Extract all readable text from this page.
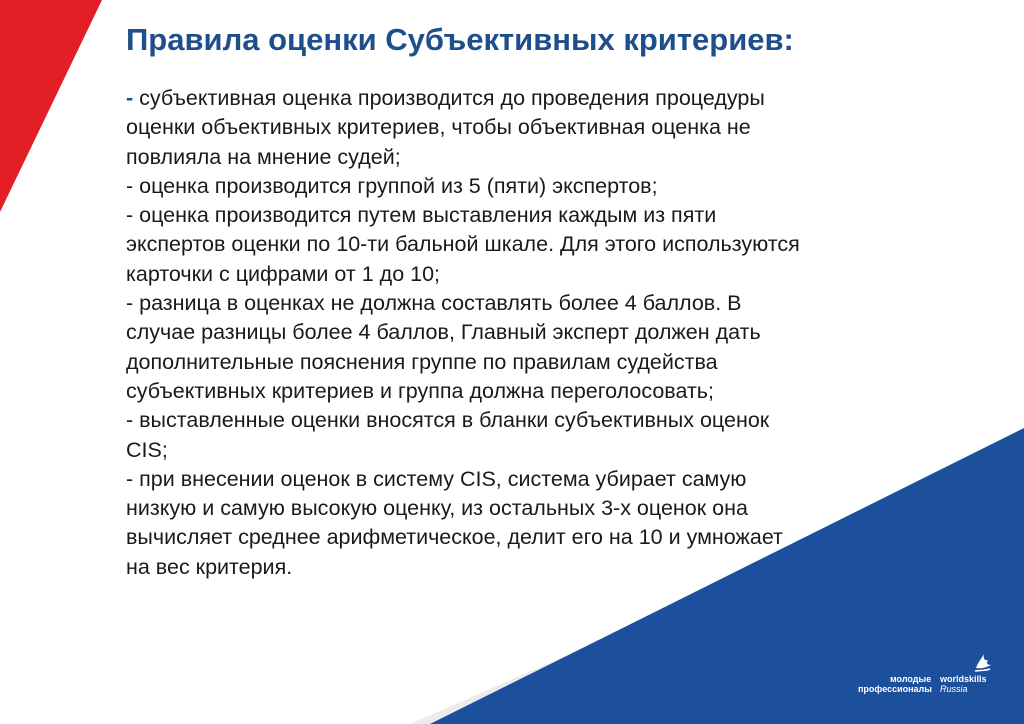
Правила оценки Субъективных критериев:
- субъективная оценка производится до проведения процедуры
оценки объективных критериев, чтобы объективная оценка не
повлияла на мнение судей;
- оценка производится группой из 5 (пяти) экспертов;
- оценка производится путем выставления каждым из пяти
экспертов оценки по 10-ти бальной шкале. Для этого используются
карточки с цифрами от 1 до 10;
- разница в оценках не должна составлять более 4 баллов. В
случае разницы более 4 баллов, Главный эксперт должен дать
дополнительные пояснения группе по правилам судейства
субъективных критериев и группа должна переголосовать;
- выставленные оценки вносятся в бланки субъективных оценок
CIS;
- при внесении оценок в систему CIS, система убирает самую
низкую и самую высокую оценку, из остальных 3-х оценок она
вычисляет среднее арифметическое, делит его на 10 и умножает
на вес критерия.
молодые
профессионалы
worldskills
Russia
